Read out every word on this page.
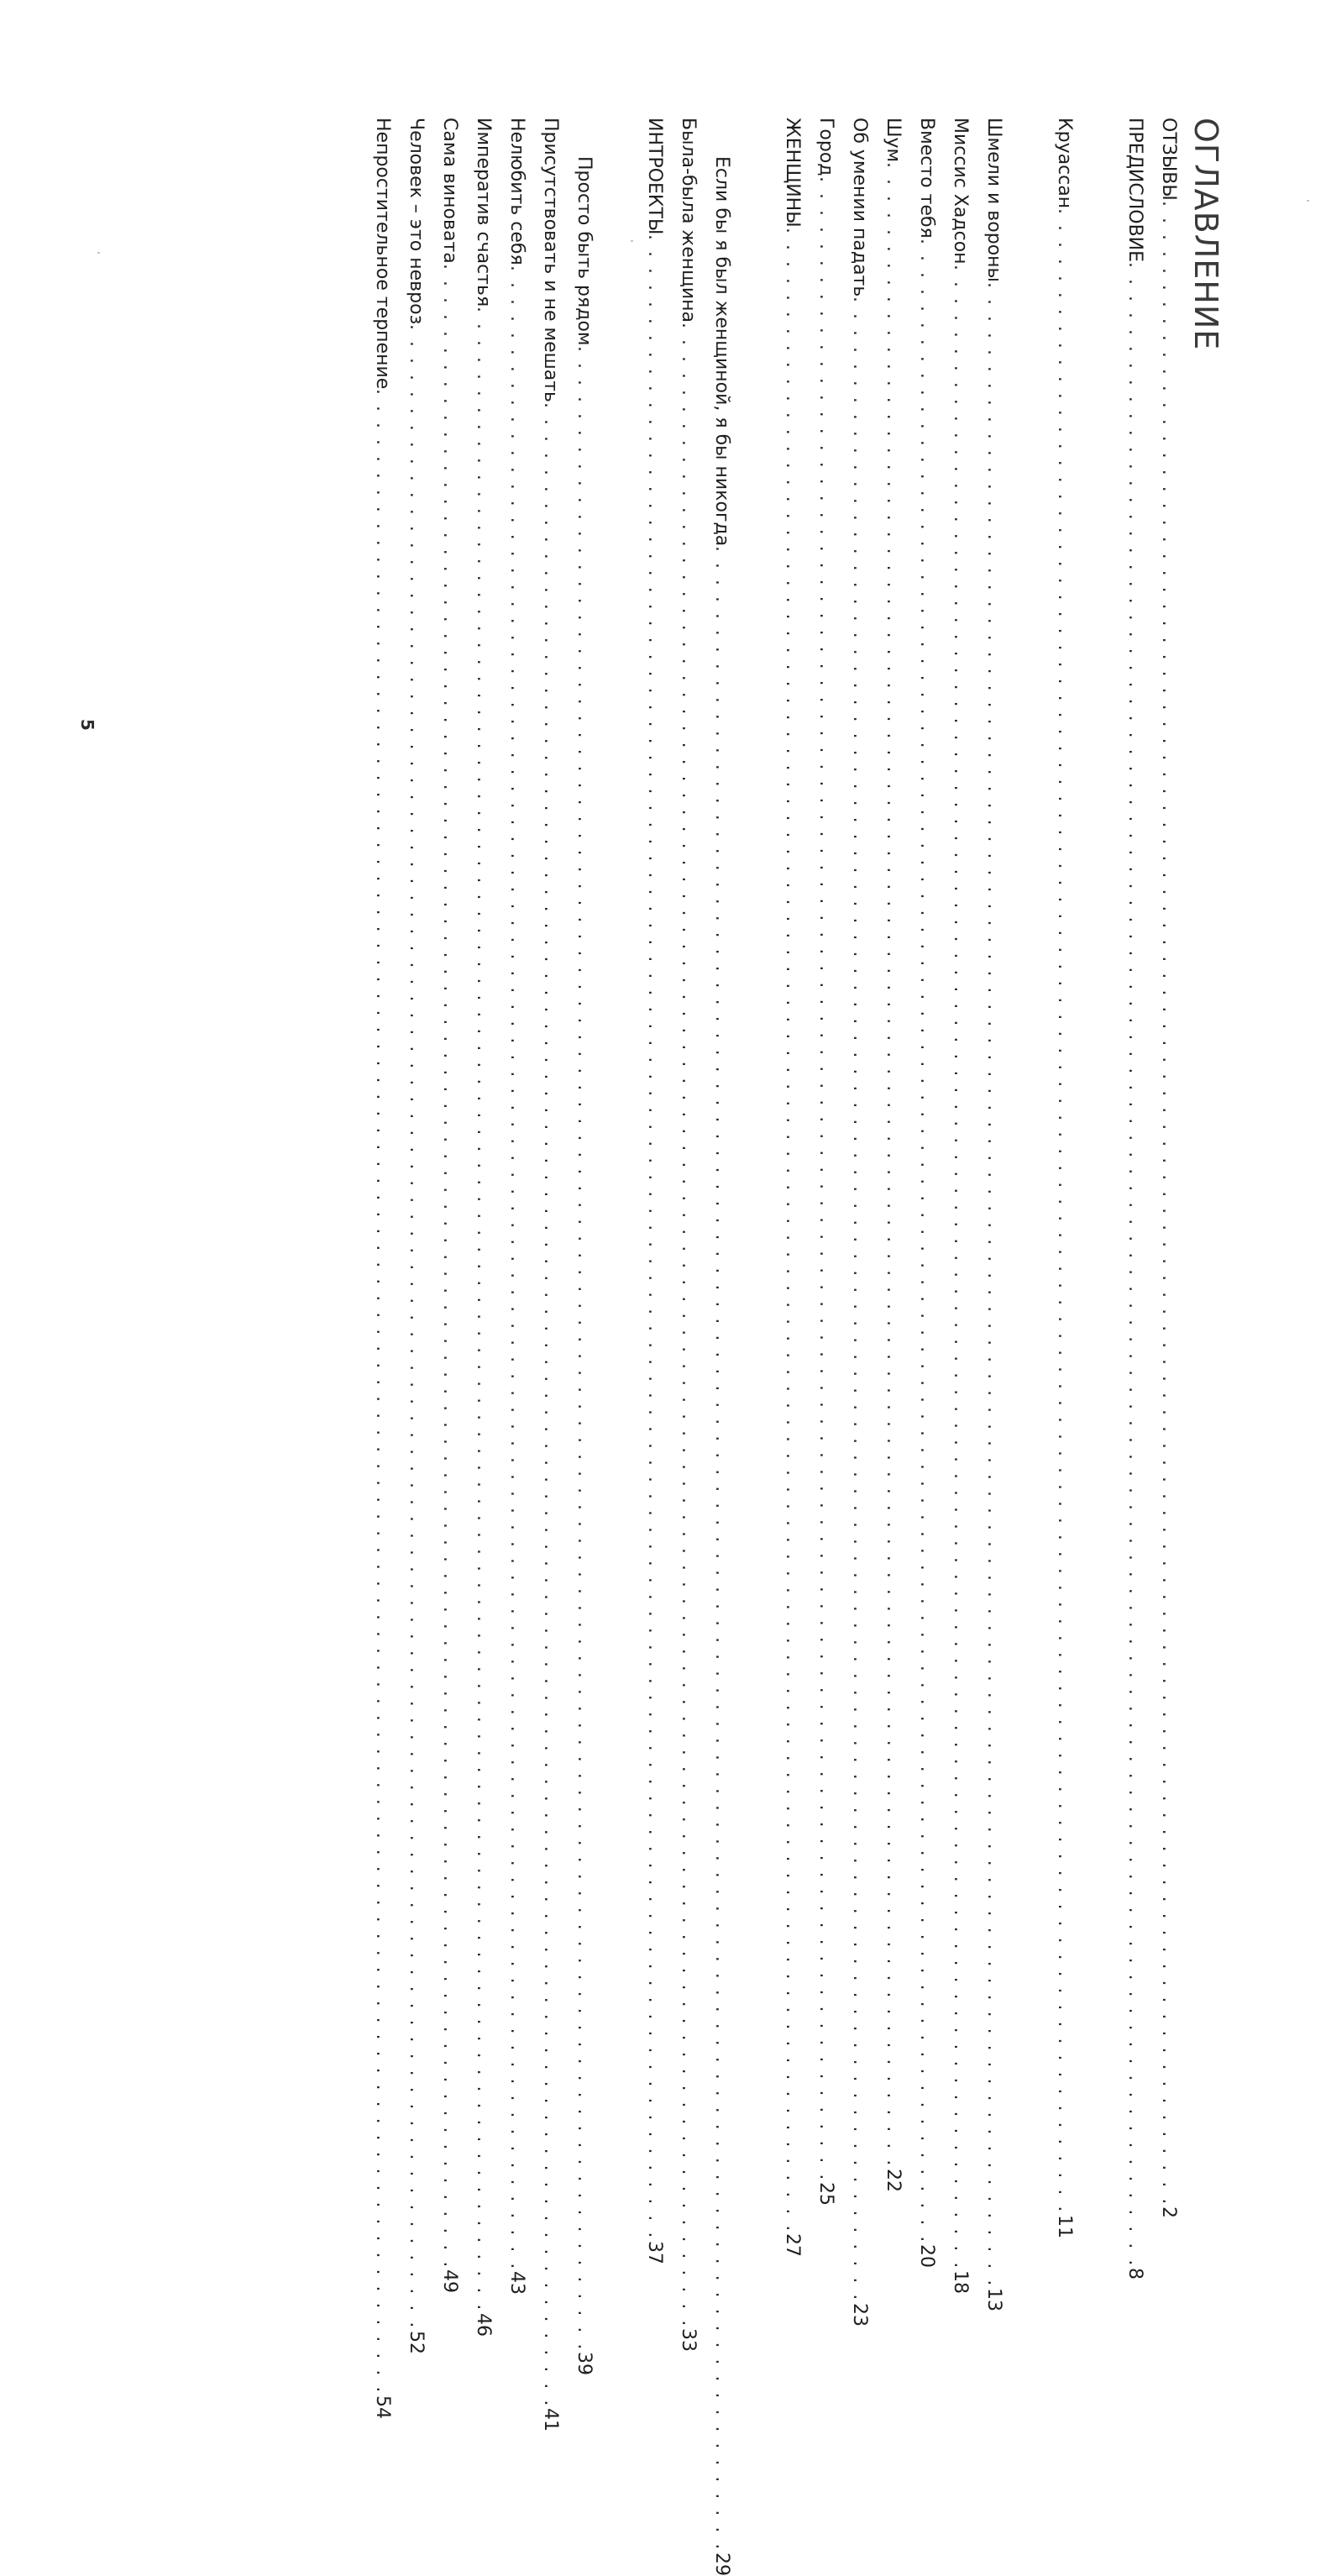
ОГЛАВЛЕНИЕ
ОТЗЫВЫ
. . . . . . . . . . . . . . . . . . . . . . . . . . . . . . . . . . . . . . . . . . . . . . . . . . . . . . . . . . . . . . . . . . . . . . . . . . . . . . . . . . . . . . . . . . . . . . . . . . . . . . . . . . . . . . . . . . . . . . . .
2
ПРЕДИСЛОВИЕ
. . . . . . . . . . . . . . . . . . . . . . . . . . . . . . . . . . . . . . . . . . . . . . . . . . . . . . . . . . . . . . . . . . . . . . . . . . . . . . . . . . . . . . . . . . . . . . . . . . . . . . . . . . . . . . . . . . . . . . . .
8
Круассан
. . . . . . . . . . . . . . . . . . . . . . . . . . . . . . . . . . . . . . . . . . . . . . . . . . . . . . . . . . . . . . . . . . . . . . . . . . . . . . . . . . . . . . . . . . . . . . . . . . . . . . . . . . . . . . . . . . . . . . . .
11
Шмели и вороны
. . . . . . . . . . . . . . . . . . . . . . . . . . . . . . . . . . . . . . . . . . . . . . . . . . . . . . . . . . . . . . . . . . . . . . . . . . . . . . . . . . . . . . . . . . . . . . . . . . . . . . . . . . . . . . . . . . . . . . . .
13
Миссис Хадсон
. . . . . . . . . . . . . . . . . . . . . . . . . . . . . . . . . . . . . . . . . . . . . . . . . . . . . . . . . . . . . . . . . . . . . . . . . . . . . . . . . . . . . . . . . . . . . . . . . . . . . . . . . . . . . . . . . . . . . . . .
18
Вместо тебя
. . . . . . . . . . . . . . . . . . . . . . . . . . . . . . . . . . . . . . . . . . . . . . . . . . . . . . . . . . . . . . . . . . . . . . . . . . . . . . . . . . . . . . . . . . . . . . . . . . . . . . . . . . . . . . . . . . . . . . . .
20
Шум
. . . . . . . . . . . . . . . . . . . . . . . . . . . . . . . . . . . . . . . . . . . . . . . . . . . . . . . . . . . . . . . . . . . . . . . . . . . . . . . . . . . . . . . . . . . . . . . . . . . . . . . . . . . . . . . . . . . . . . . .
22
Об умении падать
. . . . . . . . . . . . . . . . . . . . . . . . . . . . . . . . . . . . . . . . . . . . . . . . . . . . . . . . . . . . . . . . . . . . . . . . . . . . . . . . . . . . . . . . . . . . . . . . . . . . . . . . . . . . . . . . . . . . . . . .
23
Город
. . . . . . . . . . . . . . . . . . . . . . . . . . . . . . . . . . . . . . . . . . . . . . . . . . . . . . . . . . . . . . . . . . . . . . . . . . . . . . . . . . . . . . . . . . . . . . . . . . . . . . . . . . . . . . . . . . . . . . . .
25
ЖЕНЩИНЫ
. . . . . . . . . . . . . . . . . . . . . . . . . . . . . . . . . . . . . . . . . . . . . . . . . . . . . . . . . . . . . . . . . . . . . . . . . . . . . . . . . . . . . . . . . . . . . . . . . . . . . . . . . . . . . . . . . . . . . . . .
27
Если бы я был женщиной, я бы никогда
. . . . . . . . . . . . . . . . . . . . . . . . . . . . . . . . . . . . . . . . . . . . . . . . . . . . . . . . . . . . . . . . . . . . . . . . . . . . . . . . . . . . . . . . . . . . . . . . . . . . . . . . . . . . . . . . . . . . . . . .
29
Была-была женщина
. . . . . . . . . . . . . . . . . . . . . . . . . . . . . . . . . . . . . . . . . . . . . . . . . . . . . . . . . . . . . . . . . . . . . . . . . . . . . . . . . . . . . . . . . . . . . . . . . . . . . . . . . . . . . . . . . . . . . . . .
33
ИНТРОЕКТЫ
. . . . . . . . . . . . . . . . . . . . . . . . . . . . . . . . . . . . . . . . . . . . . . . . . . . . . . . . . . . . . . . . . . . . . . . . . . . . . . . . . . . . . . . . . . . . . . . . . . . . . . . . . . . . . . . . . . . . . . . .
37
Просто быть рядом
. . . . . . . . . . . . . . . . . . . . . . . . . . . . . . . . . . . . . . . . . . . . . . . . . . . . . . . . . . . . . . . . . . . . . . . . . . . . . . . . . . . . . . . . . . . . . . . . . . . . . . . . . . . . . . . . . . . . . . . .
39
Присутствовать и не мешать
. . . . . . . . . . . . . . . . . . . . . . . . . . . . . . . . . . . . . . . . . . . . . . . . . . . . . . . . . . . . . . . . . . . . . . . . . . . . . . . . . . . . . . . . . . . . . . . . . . . . . . . . . . . . . . . . . . . . . . . .
41
Нелюбить себя
. . . . . . . . . . . . . . . . . . . . . . . . . . . . . . . . . . . . . . . . . . . . . . . . . . . . . . . . . . . . . . . . . . . . . . . . . . . . . . . . . . . . . . . . . . . . . . . . . . . . . . . . . . . . . . . . . . . . . . . .
43
Императив счастья
. . . . . . . . . . . . . . . . . . . . . . . . . . . . . . . . . . . . . . . . . . . . . . . . . . . . . . . . . . . . . . . . . . . . . . . . . . . . . . . . . . . . . . . . . . . . . . . . . . . . . . . . . . . . . . . . . . . . . . . .
46
Сама виновата
. . . . . . . . . . . . . . . . . . . . . . . . . . . . . . . . . . . . . . . . . . . . . . . . . . . . . . . . . . . . . . . . . . . . . . . . . . . . . . . . . . . . . . . . . . . . . . . . . . . . . . . . . . . . . . . . . . . . . . . .
49
Человек – это невроз
. . . . . . . . . . . . . . . . . . . . . . . . . . . . . . . . . . . . . . . . . . . . . . . . . . . . . . . . . . . . . . . . . . . . . . . . . . . . . . . . . . . . . . . . . . . . . . . . . . . . . . . . . . . . . . . . . . . . . . . .
52
Непростительное терпение
. . . . . . . . . . . . . . . . . . . . . . . . . . . . . . . . . . . . . . . . . . . . . . . . . . . . . . . . . . . . . . . . . . . . . . . . . . . . . . . . . . . . . . . . . . . . . . . . . . . . . . . . . . . . . . . . . . . . . . . .
54
5
